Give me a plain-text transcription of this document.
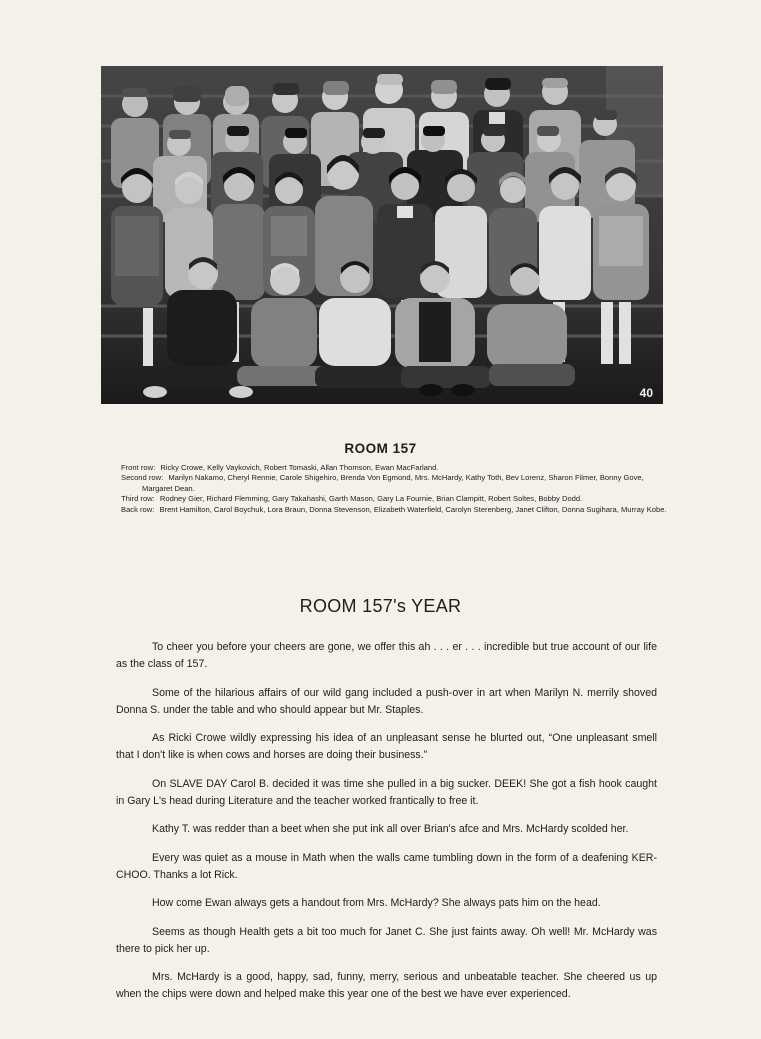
40
ROOM 157
Front row: Ricky Crowe, Kelly Vaykovich, Robert Tomaski, Allan Thomson, Ewan MacFarland.
Second row: Marilyn Nakamo, Cheryl Rennie, Carole Shigehiro, Brenda Von Egmond, Mrs. McHardy, Kathy Toth, Bev Lorenz, Sharon Filmer, Bonny Gove, Margaret Dean.
Third row: Rodney Gier, Richard Flemming, Gary Takahashi, Garth Mason, Gary La Fournie, Brian Clampitt, Robert Soltes, Bobby Dodd.
Back row: Brent Hamilton, Carol Boychuk, Lora Braun, Donna Stevenson, Elizabeth Waterfield, Carolyn Sterenberg, Janet Clifton, Donna Sugihara, Murray Kobe.
ROOM 157's YEAR

To cheer you before your cheers are gone, we offer this ah . . . er . . . incredible but true account of our life as the class of 157.

Some of the hilarious affairs of our wild gang included a push-over in art when Marilyn N. merrily shoved Donna S. under the table and who should appear but Mr. Staples.

As Ricki Crowe wildly expressing his idea of an unpleasant sense he blurted out, “One unpleasant smell that I don't like is when cows and horses are doing their business.”

On SLAVE DAY Carol B. decided it was time she pulled in a big sucker. DEEK! She got a fish hook caught in Gary L's head during Literature and the teacher worked frantically to free it.

Kathy T. was redder than a beet when she put ink all over Brian's afce and Mrs. McHardy scolded her.

Every was quiet as a mouse in Math when the walls came tumbling down in the form of a deafening KER-CHOO. Thanks a lot Rick.

How come Ewan always gets a handout from Mrs. McHardy? She always pats him on the head.

Seems as though Health gets a bit too much for Janet C. She just faints away. Oh well! Mr. McHardy was there to pick her up.

Mrs. McHardy is a good, happy, sad, funny, merry, serious and unbeatable teacher. She cheered us up when the chips were down and helped make this year one of the best we have ever experienced.
